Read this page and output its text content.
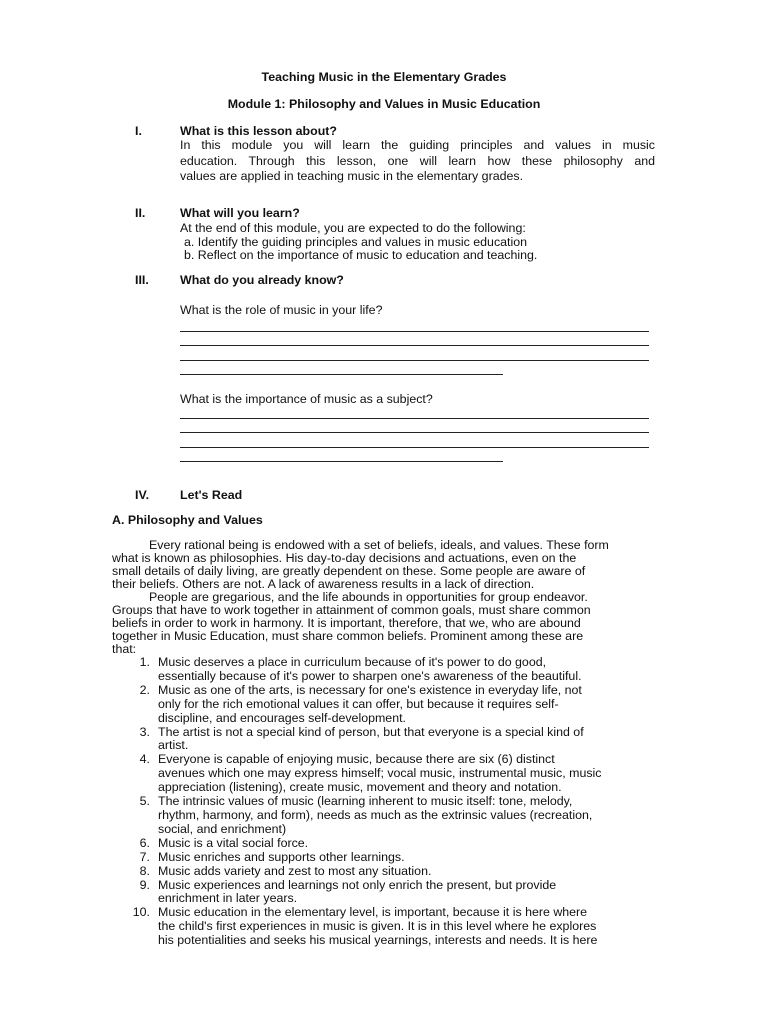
Teaching Music in the Elementary Grades
Module 1: Philosophy and Values in Music Education
I.	What is this lesson about?
In this module you will learn the guiding principles and values in music
education. Through this lesson, one will learn how these philosophy and
values are applied in teaching music in the elementary grades.
II.	What will you learn?
At the end of this module, you are expected to do the following:
a. Identify the guiding principles and values in music education
b. Reflect on the importance of music to education and teaching.
III.	What do you already know?
What is the role of music in your life?
What is the importance of music as a subject?
IV. Let's Read
A. Philosophy and Values
Every rational being is endowed with a set of beliefs, ideals, and values. These form
what is known as philosophies. His day-to-day decisions and actuations, even on the
small details of daily living, are greatly dependent on these. Some people are aware of
their beliefs. Others are not. A lack of awareness results in a lack of direction.
People are gregarious, and the life abounds in opportunities for group endeavor.
Groups that have to work together in attainment of common goals, must share common
beliefs in order to work in harmony. It is important, therefore, that we, who are abound
together in Music Education, must share common beliefs. Prominent among these are
that:
1. Music deserves a place in curriculum because of it's power to do good,
essentially because of it's power to sharpen one's awareness of the beautiful.
2. Music as one of the arts, is necessary for one's existence in everyday life, not
only for the rich emotional values it can offer, but because it requires self-
discipline, and encourages self-development.
3. The artist is not a special kind of person, but that everyone is a special kind of
artist.
4. Everyone is capable of enjoying music, because there are six (6) distinct
avenues which one may express himself; vocal music, instrumental music, music
appreciation (listening), create music, movement and theory and notation.
5. The intrinsic values of music (learning inherent to music itself: tone, melody,
rhythm, harmony, and form), needs as much as the extrinsic values (recreation,
social, and enrichment)
6. Music is a vital social force.
7. Music enriches and supports other learnings.
8. Music adds variety and zest to most any situation.
9. Music experiences and learnings not only enrich the present, but provide
enrichment in later years.
10. Music education in the elementary level, is important, because it is here where
the child's first experiences in music is given. It is in this level where he explores
his potentialities and seeks his musical yearnings, interests and needs. It is here
